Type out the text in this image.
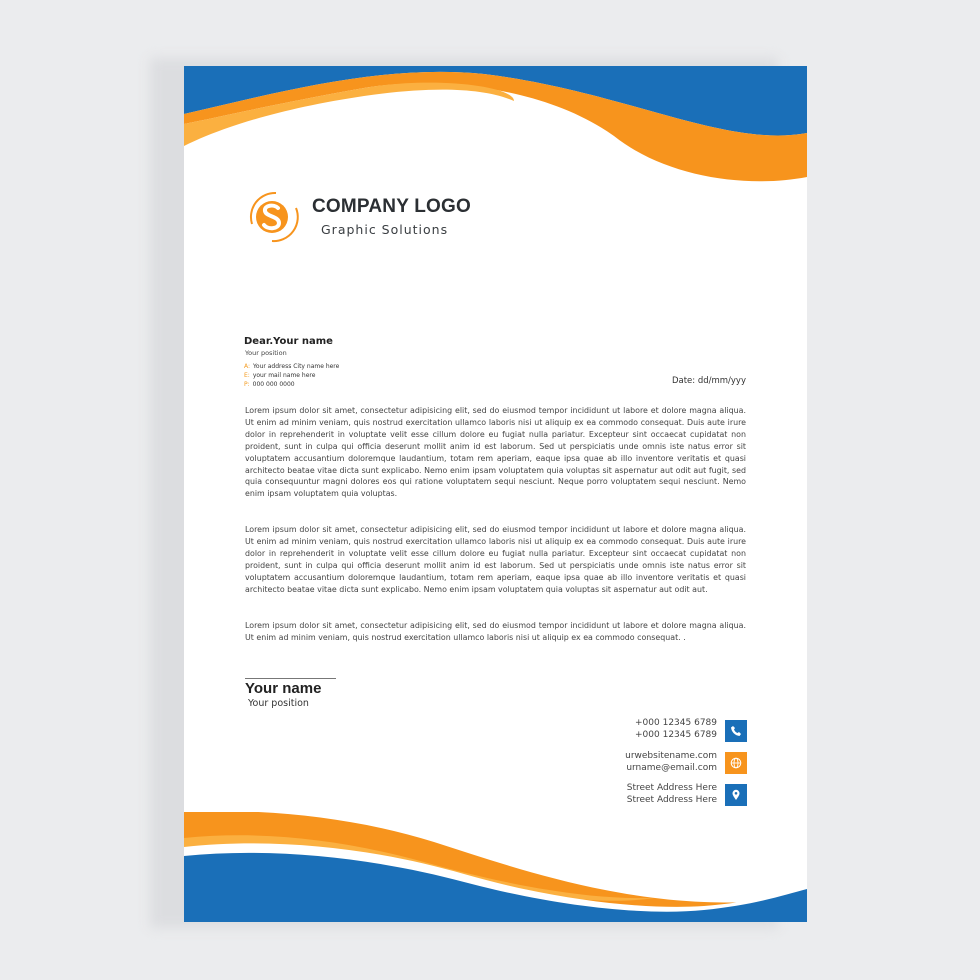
COMPANY LOGO
Graphic Solutions
Dear.Your name
Your position
A: Your address City name here
E: your mail name here
P: 000 000 0000	Date: dd/mm/yyy

Lorem ipsum dolor sit amet, consectetur adipisicing elit, sed do eiusmod tempor incididunt ut labore et dolore magna aliqua. Ut enim ad minim veniam, quis nostrud exercitation ullamco laboris nisi ut aliquip ex ea commodo consequat. Duis aute irure dolor in reprehenderit in voluptate velit esse cillum dolore eu fugiat nulla pariatur. Excepteur sint occaecat cupidatat non proident, sunt in culpa qui officia deserunt mollit anim id est laborum. Sed ut perspiciatis unde omnis iste natus error sit voluptatem accusantium doloremque laudantium, totam rem aperiam, eaque ipsa quae ab illo inventore veritatis et quasi architecto beatae vitae dicta sunt explicabo. Nemo enim ipsam voluptatem quia voluptas sit aspernatur aut odit aut fugit, sed quia consequuntur magni dolores eos qui ratione voluptatem sequi nesciunt. Neque porro voluptatem sequi nesciunt. Nemo enim ipsam voluptatem quia voluptas.

Lorem ipsum dolor sit amet, consectetur adipisicing elit, sed do eiusmod tempor incididunt ut labore et dolore magna aliqua. Ut enim ad minim veniam, quis nostrud exercitation ullamco laboris nisi ut aliquip ex ea commodo consequat. Duis aute irure dolor in reprehenderit in voluptate velit esse cillum dolore eu fugiat nulla pariatur. Excepteur sint occaecat cupidatat non proident, sunt in culpa qui officia deserunt mollit anim id est laborum. Sed ut perspiciatis unde omnis iste natus error sit voluptatem accusantium doloremque laudantium, totam rem aperiam, eaque ipsa quae ab illo inventore veritatis et quasi architecto beatae vitae dicta sunt explicabo. Nemo enim ipsam voluptatem quia voluptas sit aspernatur aut odit aut.

Lorem ipsum dolor sit amet, consectetur adipisicing elit, sed do eiusmod tempor incididunt ut labore et dolore magna aliqua. Ut enim ad minim veniam, quis nostrud exercitation ullamco laboris nisi ut aliquip ex ea commodo consequat. .

Your name
Your position
+000 12345 6789
+000 12345 6789
urwebsitename.com
urname@email.com
Street Address Here
Street Address Here
